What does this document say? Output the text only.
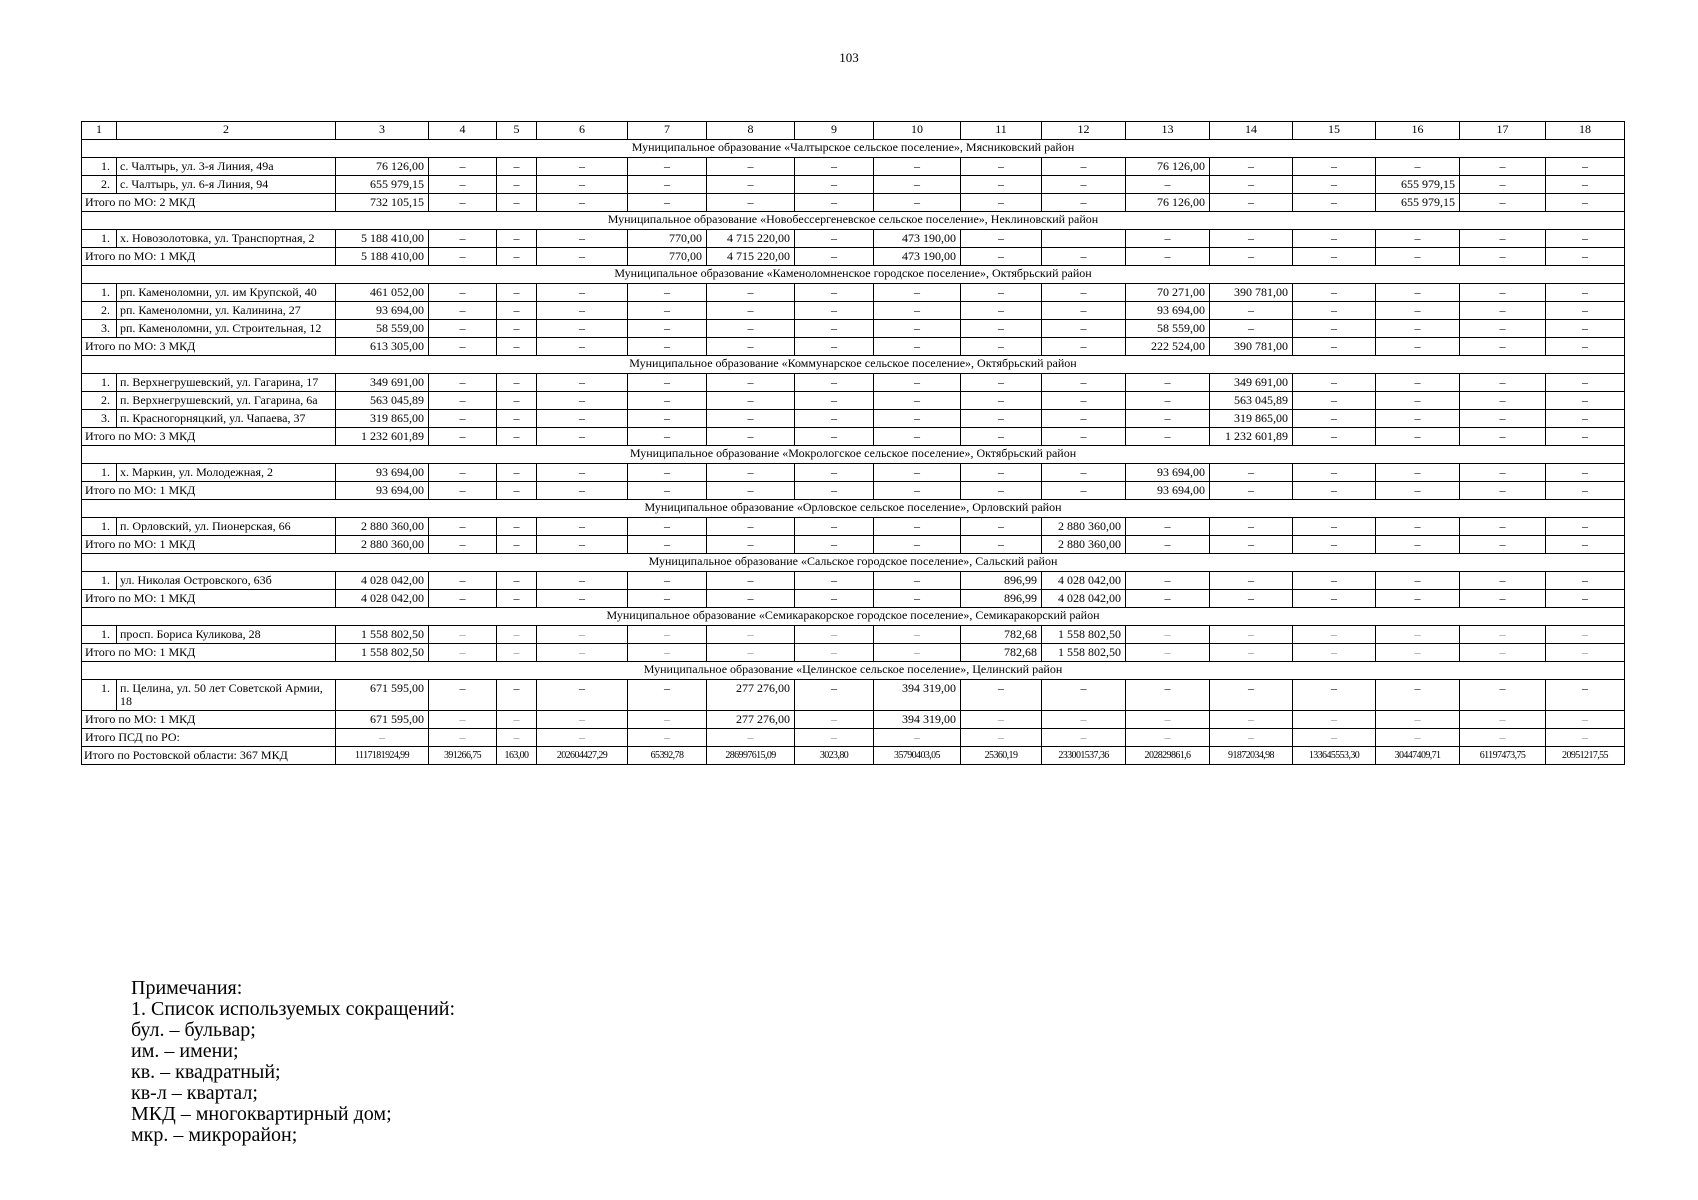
103
1	2	3	4	5	6	7	8	9	10	11	12	13	14	15	16	17	18
Муниципальное образование «Чалтырское сельское поселение», Мясниковский район																	
1.	с. Чалтырь, ул. 3-я Линия, 49а	76 126,00	–	–	–	–	–	–	–	–	–	76 126,00	–	–	–	–	–
2.	с. Чалтырь, ул. 6-я Линия, 94	655 979,15	–	–	–	–	–	–	–	–	–	–	–	–	655 979,15	–	–
Итого по МО: 2 МКД		732 105,15	–	–	–	–	–	–	–	–	–	76 126,00	–	–	655 979,15	–	–
Муниципальное образование «Новобессергеневское сельское поселение», Неклиновский район																	
1.	х. Новозолотовка, ул. Транспортная, 2	5 188 410,00	–	–	–	770,00	4 715 220,00	–	473 190,00	–		–	–	–	–	–	–
Итого по МО: 1 МКД		5 188 410,00	–	–	–	770,00	4 715 220,00	–	473 190,00	–	–	–	–	–	–	–	–
Муниципальное образование «Каменоломненское городское поселение», Октябрьский район																	
1.	рп. Каменоломни, ул. им Крупской, 40	461 052,00	–	–	–	–	–	–	–	–	–	70 271,00	390 781,00	–	–	–	–
2.	рп. Каменоломни, ул. Калинина, 27	93 694,00	–	–	–	–	–	–	–	–	–	93 694,00	–	–	–	–	–
3.	рп. Каменоломни, ул. Строительная, 12	58 559,00	–	–	–	–	–	–	–	–	–	58 559,00	–	–	–	–	–
Итого по МО: 3 МКД		613 305,00	–	–	–	–	–	–	–	–	–	222 524,00	390 781,00	–	–	–	–
Муниципальное образование «Коммунарское сельское поселение», Октябрьский район																	
1.	п. Верхнегрушевский, ул. Гагарина, 17	349 691,00	–	–	–	–	–	–	–	–	–	–	349 691,00	–	–	–	–
2.	п. Верхнегрушевский, ул. Гагарина, 6а	563 045,89	–	–	–	–	–	–	–	–	–	–	563 045,89	–	–	–	–
3.	п. Красногорняцкий, ул. Чапаева, 37	319 865,00	–	–	–	–	–	–	–	–	–	–	319 865,00	–	–	–	–
Итого по МО: 3 МКД		1 232 601,89	–	–	–	–	–	–	–	–	–	–	1 232 601,89	–	–	–	–
Муниципальное образование «Мокрологское сельское поселение», Октябрьский район																	
1.	х. Маркин, ул. Молодежная, 2	93 694,00	–	–	–	–	–	–	–	–	–	93 694,00	–	–	–	–	–
Итого по МО: 1 МКД		93 694,00	–	–	–	–	–	–	–	–	–	93 694,00	–	–	–	–	–
Муниципальное образование «Орловское сельское поселение», Орловский район																	
1.	п. Орловский, ул. Пионерская, 66	2 880 360,00	–	–	–	–	–	–	–	–	2 880 360,00	–	–	–	–	–	–
Итого по МО: 1 МКД		2 880 360,00	–	–	–	–	–	–	–	–	2 880 360,00	–	–	–	–	–	–
Муниципальное образование «Сальское городское поселение», Сальский район																	
1.	ул. Николая Островского, 63б	4 028 042,00	–	–	–	–	–	–	–	896,99	4 028 042,00	–	–	–	–	–	–
Итого по МО: 1 МКД		4 028 042,00	–	–	–	–	–	–	–	896,99	4 028 042,00	–	–	–	–	–	–
Муниципальное образование «Семикаракорское городское поселение», Семикаракорский район																	
1.	просп. Бориса Куликова, 28	1 558 802,50	–	–	–	–	–	–	–	782,68	1 558 802,50	–	–	–	–	–	–
Итого по МО: 1 МКД		1 558 802,50	–	–	–	–	–	–	–	782,68	1 558 802,50	–	–	–	–	–	–
Муниципальное образование «Целинское сельское поселение», Целинский район																	
1.	п. Целина, ул. 50 лет Советской Армии, 18	671 595,00	–	–	–	–	277 276,00	–	394 319,00	–	–	–	–	–	–	–	–
Итого по МО: 1 МКД		671 595,00	–	–	–	–	277 276,00	–	394 319,00	–	–	–	–	–	–	–	–
Итого ПСД по РО:		–	–	–	–	–	–	–	–	–	–	–	–	–	–	–	–
Итого по Ростовской области: 367 МКД		1117181924,99	391266,75	163,00	202604427,29	65392,78	286997615,09	3023,80	35790403,05	25360,19	233001537,36	202829861,6	91872034,98	133645553,30	30447409,71	61197473,75	20951217,55
Примечания:
1. Список используемых сокращений:
бул. – бульвар;
им. – имени;
кв. – квадратный;
кв-л – квартал;
МКД – многоквартирный дом;
мкр. – микрорайон;
